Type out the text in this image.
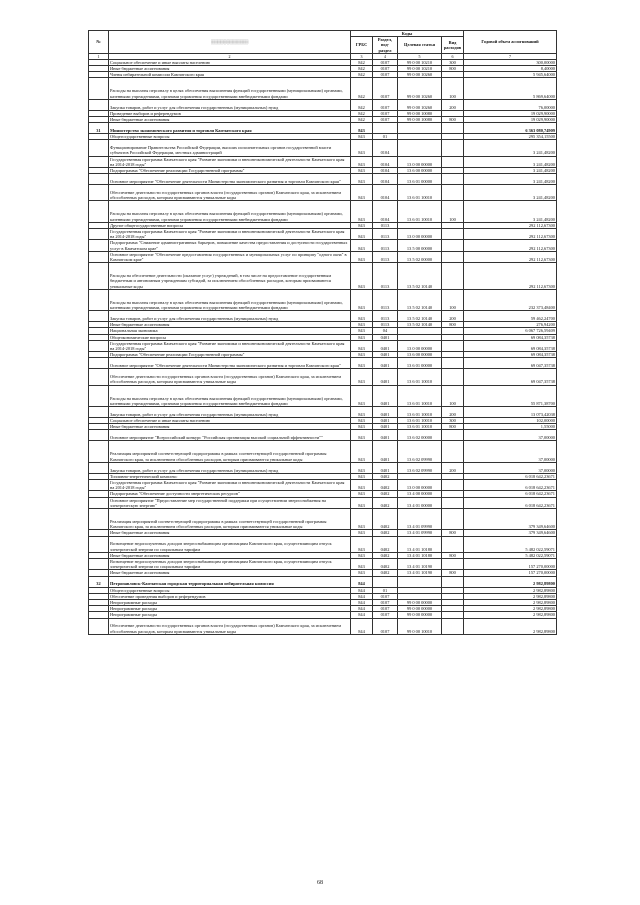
№	░░░░░░░░░░░░	Коды				Годовой объем ассигнований
		ГРБС	Раздел, под- раздел	Целевая статья	Вид расходов	
1	2	3	4	5	6	7
	Социальное обеспечение и иные выплаты населению	842	0107	99 0 00 10210	300	300,00000
	Иные бюджетные ассигнования	842	0107	99 0 00 10210	800	8,40000
	Члены избирательной комиссии Камчатского края	842	0107	99 0 00 10260		5 945,64000
	Расходы на выплаты персоналу в целях обеспечения выполнения функций государственными (муниципальными) органами, казенными учреждениями, органами управления государственными внебюджетными фондами	842	0107	99 0 00 10260	100	5 869,64000
	Закупка товаров, работ и услуг для обеспечения государственных (муниципальных) нужд	842	0107	99 0 00 10260	200	76,00000
	Проведение выборов и референдумов	842	0107	99 0 00 10080		19 029,90000
	Иные бюджетные ассигнования	842	0107	99 0 00 10080	800	19 029,90000
31	Министерство экономического развития и торговли Камчатского края	843				6 363 080,74909
	Общегосударственные вопросы	843	01			295 354,15500
	Функционирование Правительства Российской Федерации, высших исполнительных органов государственной власти субъектов Российской Федерации, местных администраций	843	0104			3 241,48200
	Государственная программа Камчатского края "Развитие экономики и внешнеэкономической деятельности Камчатского края на 2014-2018 годы"	843	0104	13 0 00 00000		3 241,48200
	Подпрограмма "Обеспечение реализации Государственной программы"	843	0104	13 6 00 00000		3 241,48200
	Основное мероприятие "Обеспечение деятельности Министерства экономического развития и торговли Камчатского края"	843	0104	13 6 01 00000		3 241,48200
	Обеспечение деятельности государственных органов власти (государственных органов) Камчатского края, за исключением обособленных расходов, которым присваиваются уникальные коды	843	0104	13 6 01 10010		3 241,48200
	Расходы на выплаты персоналу в целях обеспечения выполнения функций государственными (муниципальными) органами, казенными учреждениями, органами управления государственными внебюджетными фондами	843	0104	13 6 01 10010	100	3 241,48200
	Другие общегосударственные вопросы	843	0113			292 112,67300
	Государственная программа Камчатского края "Развитие экономики и внешнеэкономической деятельности Камчатского края на 2014-2018 годы"	843	0113	13 0 00 00000		292 112,67300
	Подпрограмма "Снижение административных барьеров, повышение качества предоставления и доступности государственных услуг в Камчатском крае"	843	0113	13 5 00 00000		292 112,67300
	Основное мероприятие "Обеспечение предоставления государственных и муниципальных услуг по принципу "одного окна" в Камчатском крае"	843	0113	13 5 02 00000		292 112,67300
	Расходы на обеспечение деятельности (оказание услуг) учреждений, в том числе на предоставление государственным бюджетным и автономным учреждениям субсидий, за исключением обособленных расходов, которым присваиваются уникальные коды	843	0113	13 5 02 10140		292 112,67300
	Расходы на выплаты персоналу в целях обеспечения выполнения функций государственными (муниципальными) органами, казенными учреждениями, органами управления государственными внебюджетными фондами	843	0113	13 5 02 10140	100	232 373,48400
	Закупка товаров, работ и услуг для обеспечения государственных (муниципальных) нужд	843	0113	13 5 02 10140	200	59 462,24700
	Иные бюджетные ассигнования	843	0113	13 5 02 10140	800	276,94200
	Национальная экономика	843	04			6 067 726,59409
	Общеэкономические вопросы	843	0401			69 084,35738
	Государственная программа Камчатского края "Развитие экономики и внешнеэкономической деятельности Камчатского края на 2014-2018 годы"	843	0401	13 0 00 00000		69 084,35738
	Подпрограмма "Обеспечение реализации Государственной программы"	843	0401	13 6 00 00000		69 084,35738
	Основное мероприятие "Обеспечение деятельности Министерства экономического развития и торговли Камчатского края"	843	0401	13 6 01 00000		69 047,35738
	Обеспечение деятельности государственных органов власти (государственных органов) Камчатского края, за исключением обособленных расходов, которым присваиваются уникальные коды	843	0401	13 6 01 10010		69 047,35738
	Расходы на выплаты персоналу в целях обеспечения выполнения функций государственными (муниципальными) органами, казенными учреждениями, органами управления государственными внебюджетными фондами	843	0401	13 6 01 10010	100	55 871,38700
	Закупка товаров, работ и услуг для обеспечения государственных (муниципальных) нужд	843	0401	13 6 01 10010	200	13 073,42038
	Социальное обеспечение и иные выплаты населению	843	0401	13 6 01 10010	300	102,00000
	Иные бюджетные ассигнования	843	0401	13 6 01 10010	800	1,55000
	Основное мероприятие "Всероссийский конкурс "Российская организация высокой социальной эффективности""	843	0401	13 6 02 00000		37,00000
	Реализация мероприятий соответствующей подпрограммы в рамках соответствующей государственной программы Камчатского края, за исключением обособленных расходов, которым присваиваются уникальные коды	843	0401	13 6 02 09990		37,00000
	Закупка товаров, работ и услуг для обеспечения государственных (муниципальных) нужд	843	0401	13 6 02 09990	200	37,00000
	Топливно-энергетический комплекс	843	0402			6 018 642,23671
	Государственная программа Камчатского края "Развитие экономики и внешнеэкономической деятельности Камчатского края на 2014-2018 годы"	843	0402	13 0 00 00000		6 018 642,23671
	Подпрограмма "Обеспечение доступности энергетических ресурсов"	843	0402	13 4 00 00000		6 018 642,23671
	Основное мероприятие "Предоставление мер государственной поддержки при осуществлении энергоснабжения на электрическую энергию"	843	0402	13 4 01 00000		6 018 642,23671
	Реализация мероприятий соответствующей подпрограммы в рамках соответствующей государственной программы Камчатского края, за исключением обособленных расходов, которым присваиваются уникальные коды	843	0402	13 4 01 09990		379 349,64600
	Иные бюджетные ассигнования	843	0402	13 4 01 09990	800	379 349,64600
	Возмещение недополученных доходов энергоснабжающим организациям Камчатского края, осуществляющим отпуск электрической энергии по социальным тарифам	843	0402	13 4 01 10180		5 482 022,59071
	Иные бюджетные ассигнования	843	0402	13 4 01 10180	800	5 482 022,59071
	Возмещение недополученных доходов энергоснабжающим организациям Камчатского края, осуществляющим отпуск электрической энергии по социальным тарифам	843	0402	13 4 01 10190		157 270,00000
	Иные бюджетные ассигнования	843	0402	13 4 01 10190	800	157 270,00000
32	Петропавловск-Камчатская городская территориальная избирательная комиссия	844				2 982,89800
	Общегосударственные вопросы	844	01			2 982,89800
	Обеспечение проведения выборов и референдумов	844	0107			2 982,89800
	Непрограммные расходы	844	0107	99 0 00 00000		2 982,89800
	Непрограммные расходы	844	0107	99 0 00 00000		2 982,89800
	Непрограммные расходы	844	0107	99 0 00 00000		2 982,89800
	Обеспечение деятельности государственных органов власти (государственных органов) Камчатского края, за исключением обособленных расходов, которым присваиваются уникальные коды	844	0107	99 0 00 10010		2 982,89800
68
